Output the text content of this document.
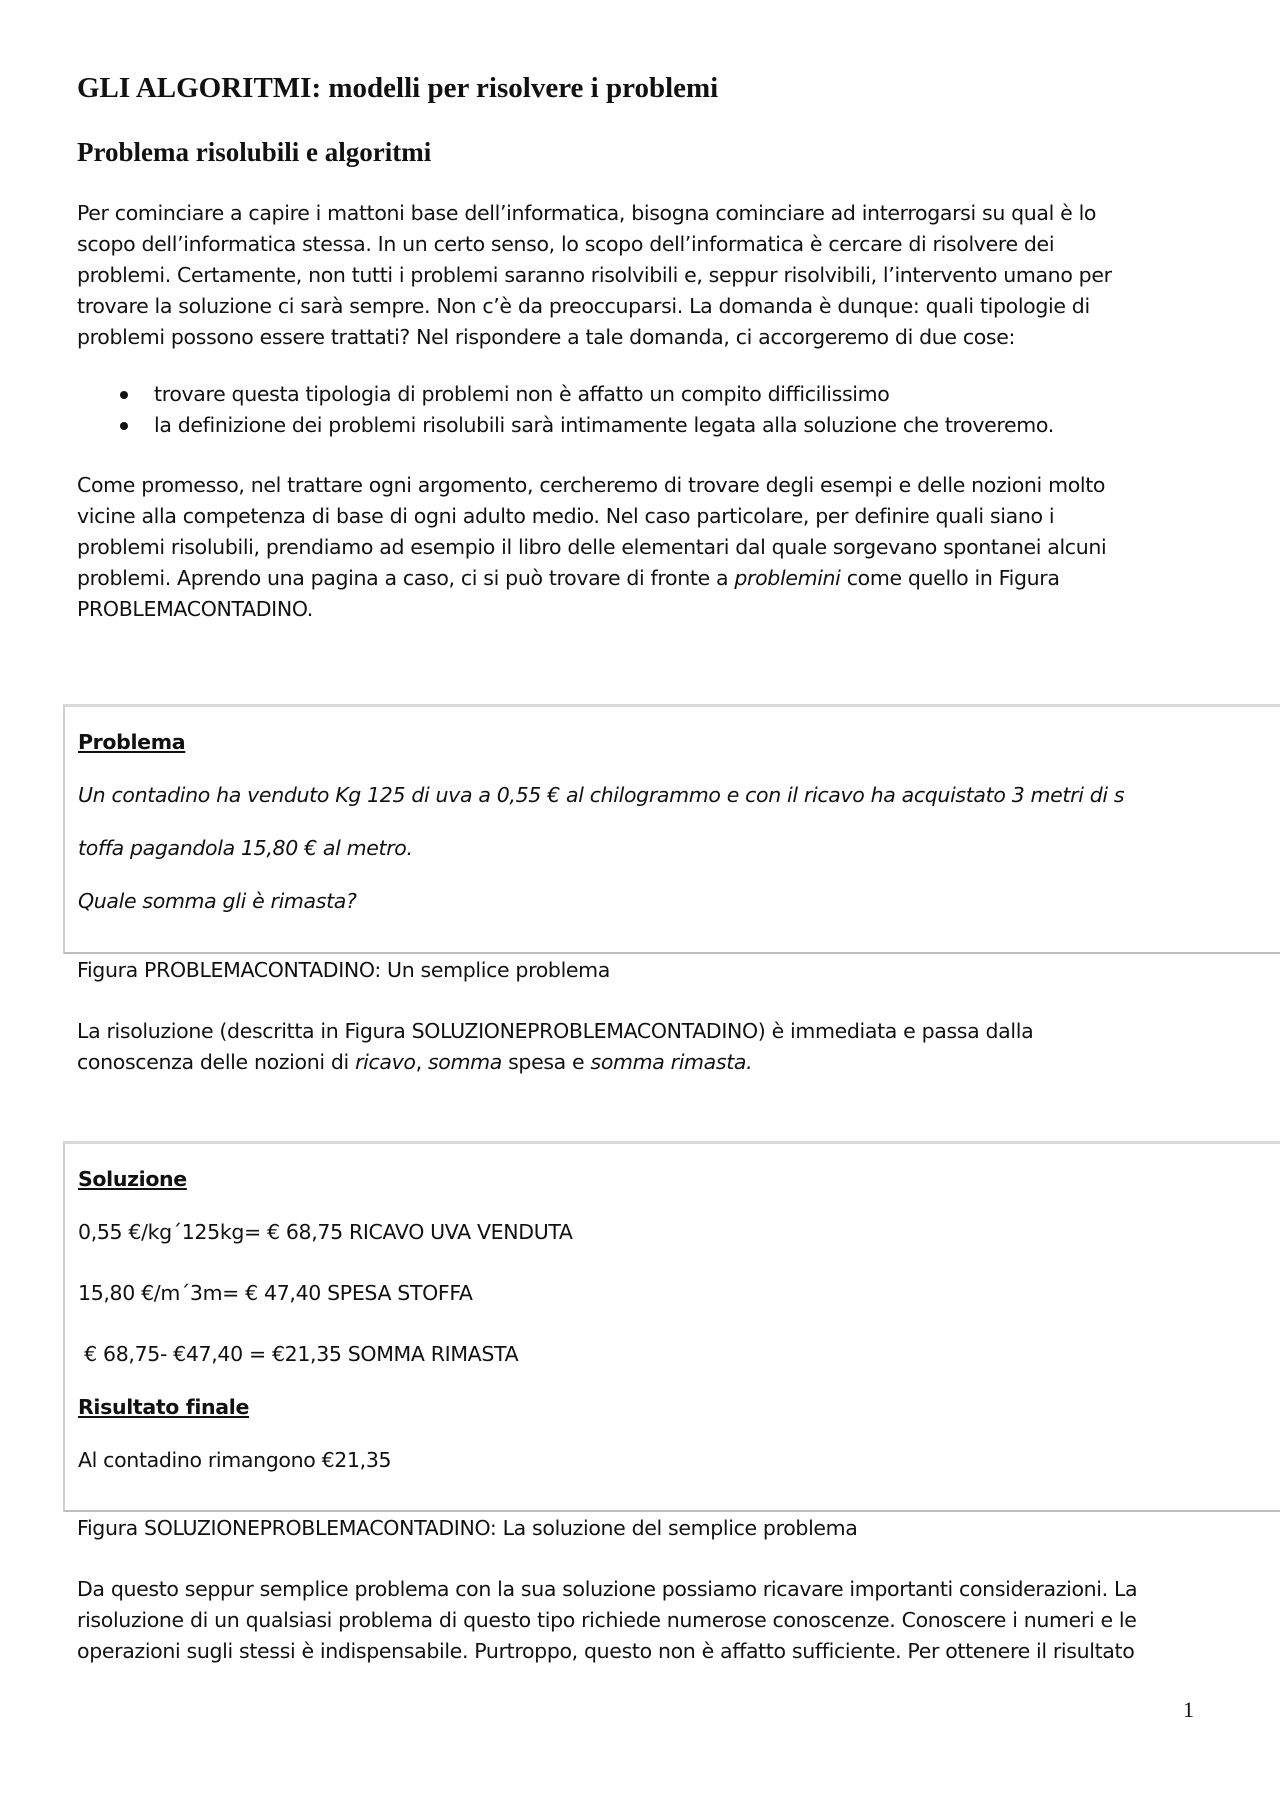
GLI ALGORITMI: modelli per risolvere i problemi
Problema risolubili e algoritmi

Per cominciare a capire i mattoni base dell’informatica, bisogna cominciare ad interrogarsi su qual è lo
scopo dell’informatica stessa. In un certo senso, lo scopo dell’informatica è cercare di risolvere dei
problemi. Certamente, non tutti i problemi saranno risolvibili e, seppur risolvibili, l’intervento umano per
trovare la soluzione ci sarà sempre. Non c’è da preoccuparsi. La domanda è dunque: quali tipologie di
problemi possono essere trattati? Nel rispondere a tale domanda, ci accorgeremo di due cose:

trovare questa tipologia di problemi non è affatto un compito difficilissimo
la definizione dei problemi risolubili sarà intimamente legata alla soluzione che troveremo.

Come promesso, nel trattare ogni argomento, cercheremo di trovare degli esempi e delle nozioni molto
vicine alla competenza di base di ogni adulto medio. Nel caso particolare, per definire quali siano i
problemi risolubili, prendiamo ad esempio il libro delle elementari dal quale sorgevano spontanei alcuni
problemi. Aprendo una pagina a caso, ci si può trovare di fronte a problemini come quello in Figura
PROBLEMACONTADINO.

Problema

Un contadino ha venduto Kg 125 di uva a 0,55 € al chilogrammo e con il ricavo ha acquistato 3 metri di s

toffa pagandola 15,80 € al metro.

Quale somma gli è rimasta?

Figura PROBLEMACONTADINO: Un semplice problema

La risoluzione (descritta in Figura SOLUZIONEPROBLEMACONTADINO) è immediata e passa dalla
conoscenza delle nozioni di ricavo, somma spesa e somma rimasta.

Soluzione

0,55 €/kg´125kg= € 68,75 RICAVO UVA VENDUTA

15,80 €/m´3m= € 47,40 SPESA STOFFA

€ 68,75- €47,40 = €21,35 SOMMA RIMASTA

Risultato finale

Al contadino rimangono €21,35

Figura SOLUZIONEPROBLEMACONTADINO: La soluzione del semplice problema

Da questo seppur semplice problema con la sua soluzione possiamo ricavare importanti considerazioni. La
risoluzione di un qualsiasi problema di questo tipo richiede numerose conoscenze. Conoscere i numeri e le
operazioni sugli stessi è indispensabile. Purtroppo, questo non è affatto sufficiente. Per ottenere il risultato

1
